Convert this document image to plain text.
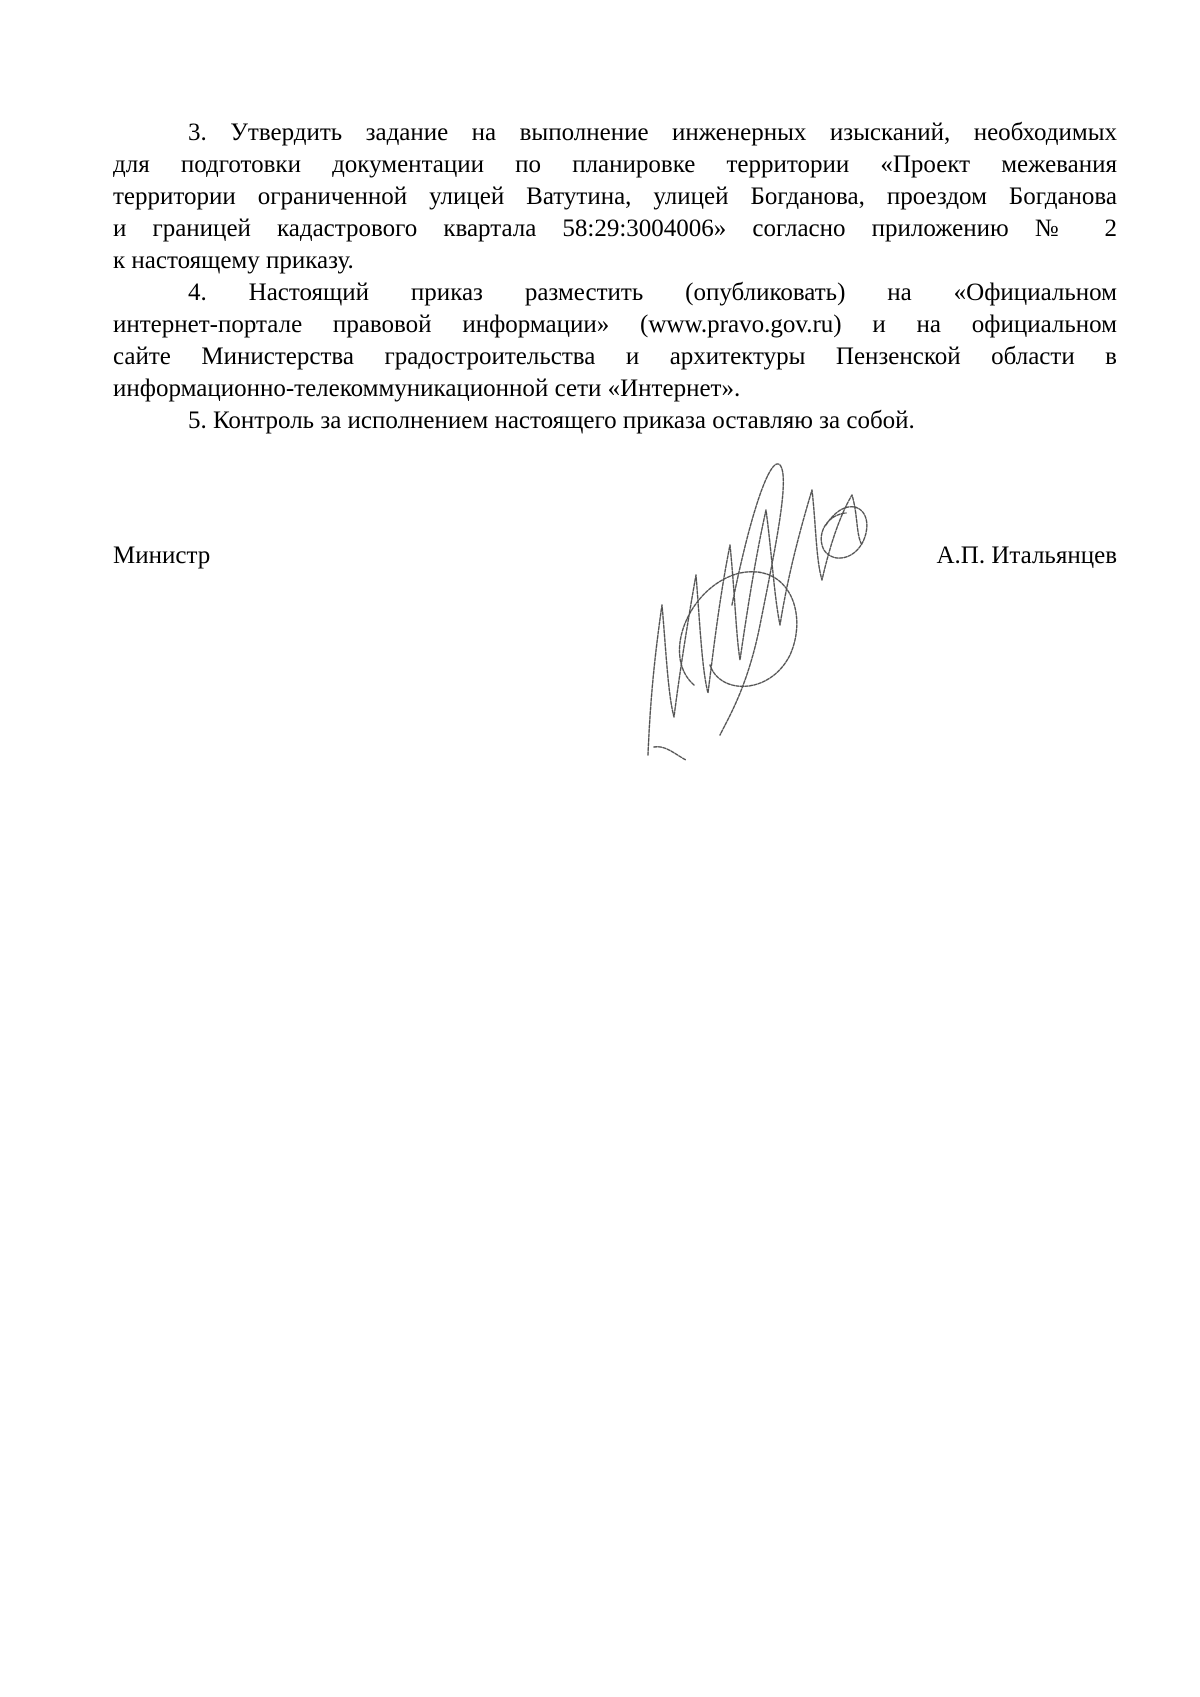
3. Утвердить задание на выполнение инженерных изысканий, необходимых

для подготовки документации по планировке территории «Проект межевания

территории ограниченной улицей Ватутина, улицей Богданова, проездом Богданова

и границей кадастрового квартала 58:29:3004006» согласно приложению № 2

к настоящему приказу.

4. Настоящий приказ разместить (опубликовать) на «Официальном

интернет-портале правовой информации» (www.pravo.gov.ru) и на официальном

сайте Министерства градостроительства и архитектуры Пензенской области в

информационно-телекоммуникационной сети «Интернет».

5. Контроль за исполнением настоящего приказа оставляю за собой.

Министр	А.П. Итальянцев
